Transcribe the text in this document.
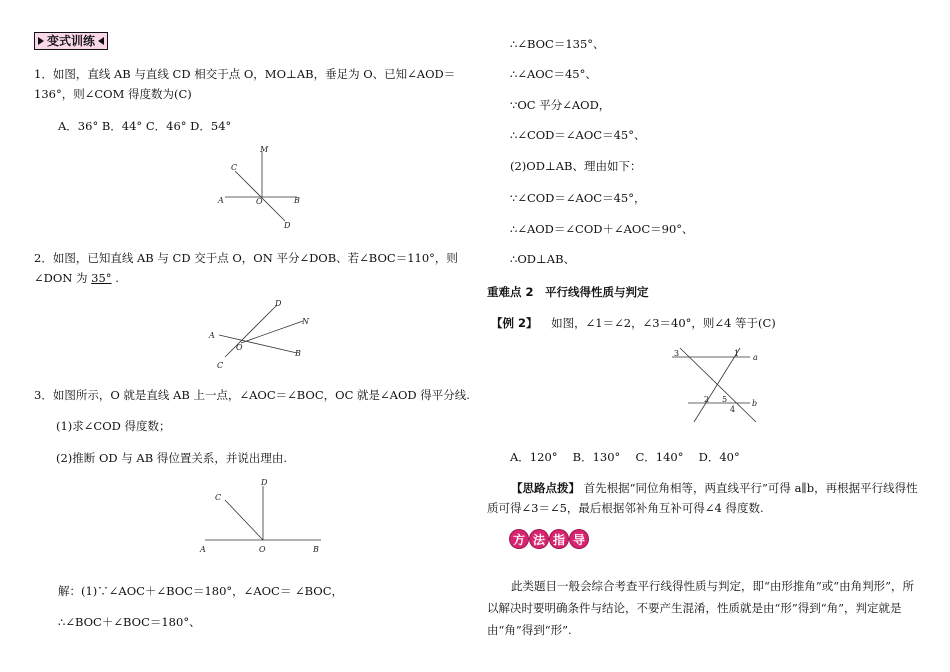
变式训练
1．如图，直线 AB 与直线 CD 相交于点 O，MO⊥AB，垂足为 O、已知∠AOD＝
136°，则∠COM 得度数为(C)
A．36° B．44° C．46° D．54°
C
M
A	O	B
D
2．如图，已知直线 AB 与 CD 交于点 O，ON 平分∠DOB、若∠BOC＝110°，则
∠DON 为 35° .
D
N
A
O
B
C
3．如图所示，O 就是直线 AB 上一点，∠AOC＝∠BOC，OC 就是∠AOD 得平分线.
(1)求∠COD 得度数；
(2)推断 OD 与 AB 得位置关系，并说出理由.
D
C
A	O	B
解：(1)∵∠AOC＋∠BOC＝180°，∠AOC＝ ∠BOC，
∴∠BOC＋∠BOC＝180°、
∴∠BOC＝135°、
∴∠AOC＝45°、
∵OC 平分∠AOD，
∴∠COD＝∠AOC＝45°、
(2)OD⊥AB、理由如下：
∵∠COD＝∠AOC＝45°，
∴∠AOD＝∠COD＋∠AOC＝90°、
∴OD⊥AB、
重难点 2　平行线得性质与判定
【例 2】 如图，∠1＝∠2，∠3＝40°，则∠4 等于(C)
3	1 a
2 5	b
4
A．120°　 B．130°　 C．140°　 D．40°
【思路点拨】 首先根据“同位角相等，两直线平行”可得 a∥b，再根据平行线得性质可得∠3＝∠5，最后根据邻补角互补可得∠4 得度数.
方 法 指 导
此类题目一般会综合考查平行线得性质与判定，即“由形推角”或“由角判形”，所以解决时要明确条件与结论，不要产生混淆，性质就是由“形”得到“角”，判定就是由“角”得到“形”.
